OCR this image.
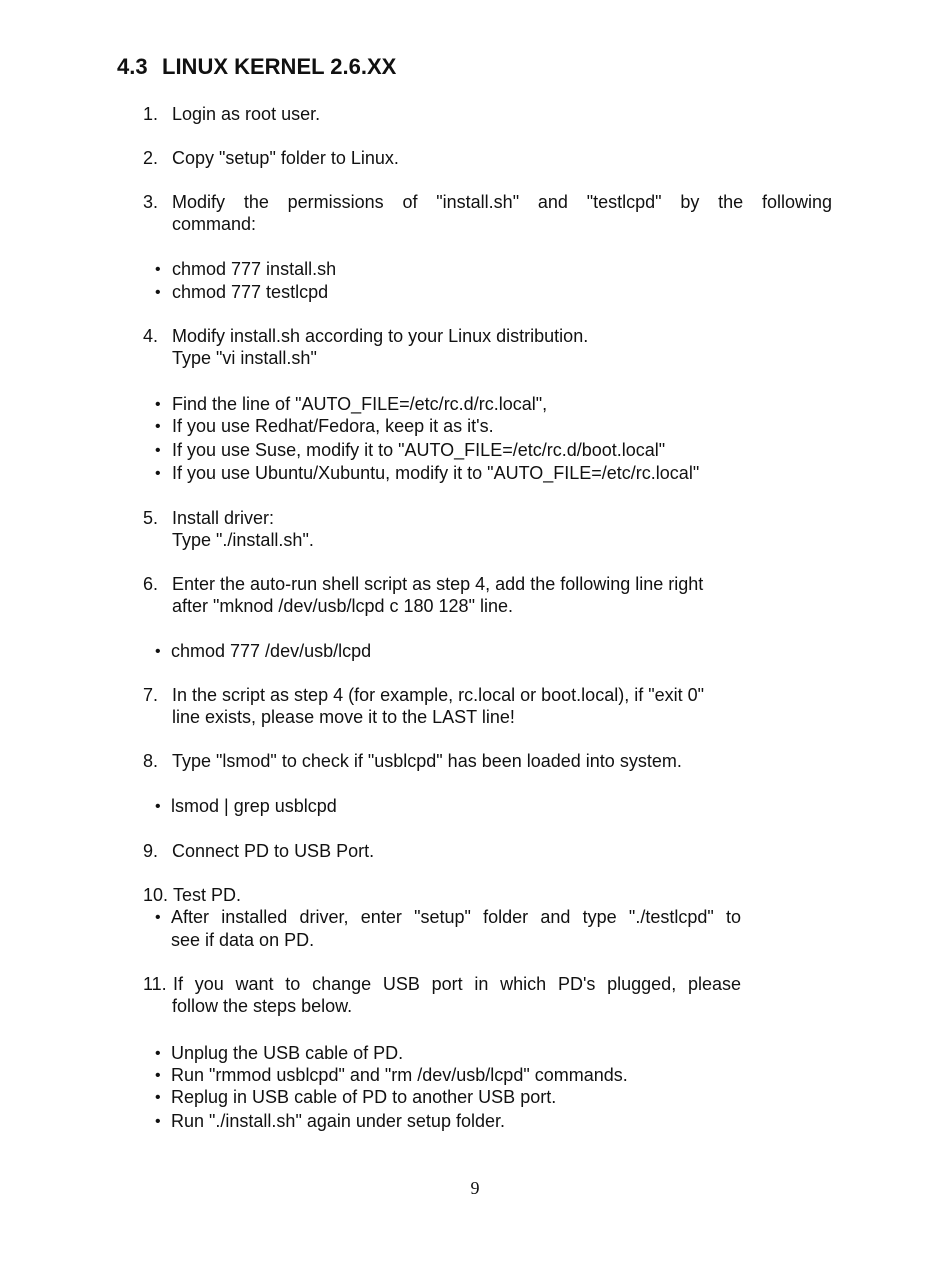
4.3 LINUX KERNEL 2.6.XX
1. Login as root user.
2. Copy "setup" folder to Linux.
3. Modify the permissions of "install.sh" and "testlcpd" by the following
command:
• chmod 777 install.sh
• chmod 777 testlcpd
4. Modify install.sh according to your Linux distribution.
Type "vi install.sh"
• Find the line of "AUTO_FILE=/etc/rc.d/rc.local",
• If you use Redhat/Fedora, keep it as it's.
• If you use Suse, modify it to "AUTO_FILE=/etc/rc.d/boot.local"
• If you use Ubuntu/Xubuntu, modify it to "AUTO_FILE=/etc/rc.local"
5. Install driver:
Type "./install.sh".
6. Enter the auto-run shell script as step 4, add the following line right
after "mknod /dev/usb/lcpd c 180 128" line.
• chmod 777 /dev/usb/lcpd
7. In the script as step 4 (for example, rc.local or boot.local), if "exit 0"
line exists, please move it to the LAST line!
8. Type "lsmod" to check if "usblcpd" has been loaded into system.
• lsmod | grep usblcpd
9. Connect PD to USB Port.
10. Test PD.
• After installed driver, enter "setup" folder and type "./testlcpd" to
see if data on PD.
11. If you want to change USB port in which PD's plugged, please
follow the steps below.
• Unplug the USB cable of PD.
• Run "rmmod usblcpd" and "rm /dev/usb/lcpd" commands.
• Replug in USB cable of PD to another USB port.
• Run "./install.sh" again under setup folder.
9
